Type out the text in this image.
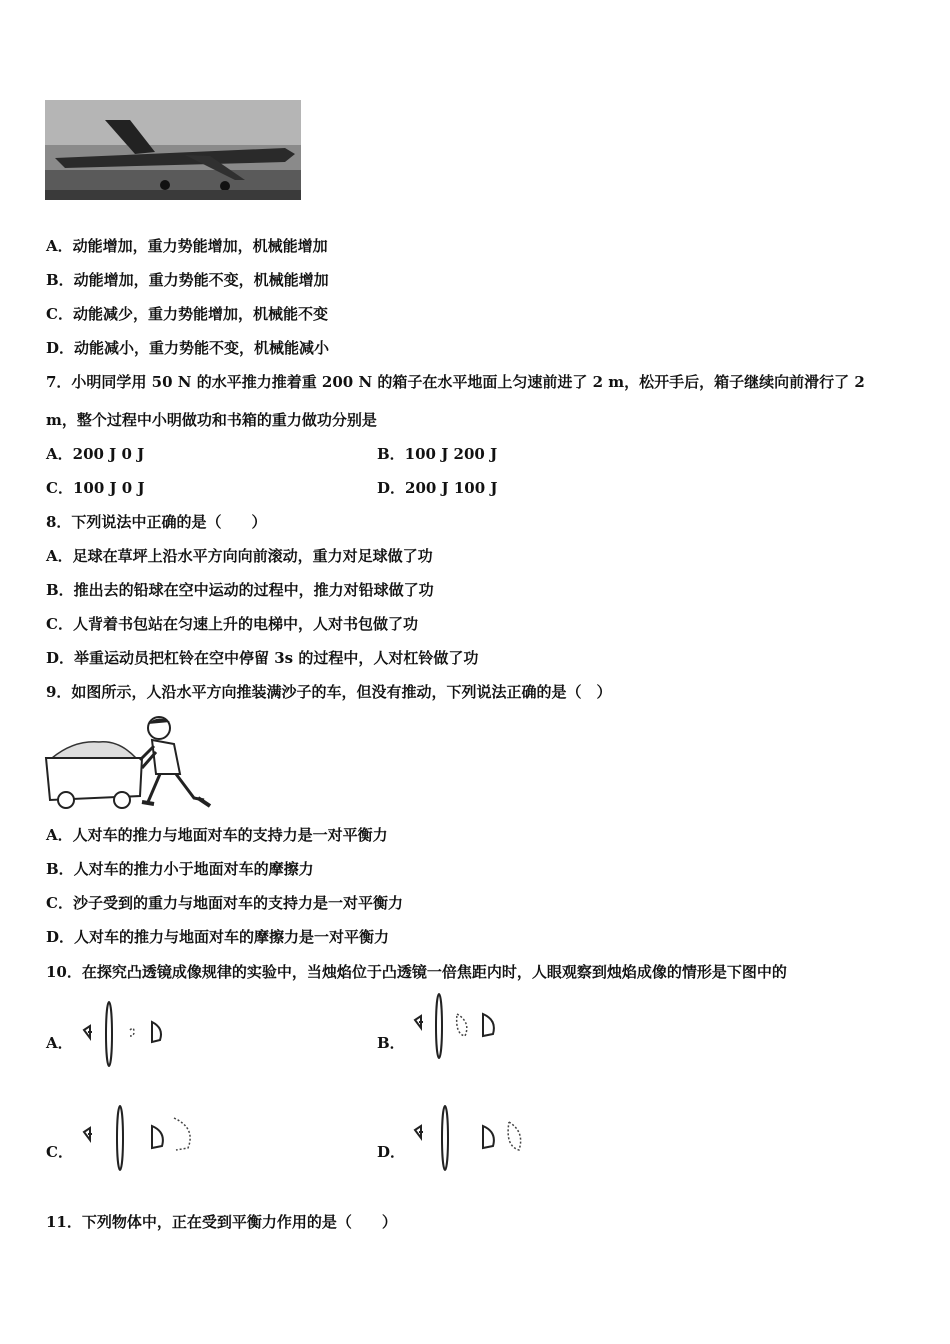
A．动能增加，重力势能增加，机械能增加
B．动能增加，重力势能不变，机械能增加
C．动能减少，重力势能增加，机械能不变
D．动能减小，重力势能不变，机械能减小
7．小明同学用 50 N 的水平推力推着重 200 N 的箱子在水平地面上匀速前进了 2 m，松开手后，箱子继续向前滑行了 2
m，整个过程中小明做功和书箱的重力做功分别是
A．200 J 0 J	B．100 J 200 J
C．100 J 0 J	D．200 J 100 J
8．下列说法中正确的是（　　）
A．足球在草坪上沿水平方向向前滚动，重力对足球做了功
B．推出去的铅球在空中运动的过程中，推力对铅球做了功
C．人背着书包站在匀速上升的电梯中，人对书包做了功
D．举重运动员把杠铃在空中停留 3s 的过程中，人对杠铃做了功
9．如图所示，人沿水平方向推装满沙子的车，但没有推动，下列说法正确的是（　）
A．人对车的推力与地面对车的支持力是一对平衡力
B．人对车的推力小于地面对车的摩擦力
C．沙子受到的重力与地面对车的支持力是一对平衡力
D．人对车的推力与地面对车的摩擦力是一对平衡力
10．在探究凸透镜成像规律的实验中，当烛焰位于凸透镜一倍焦距内时，人眼观察到烛焰成像的情形是下图中的
A．	B．
C．	D．
11．下列物体中，正在受到平衡力作用的是（　　）
